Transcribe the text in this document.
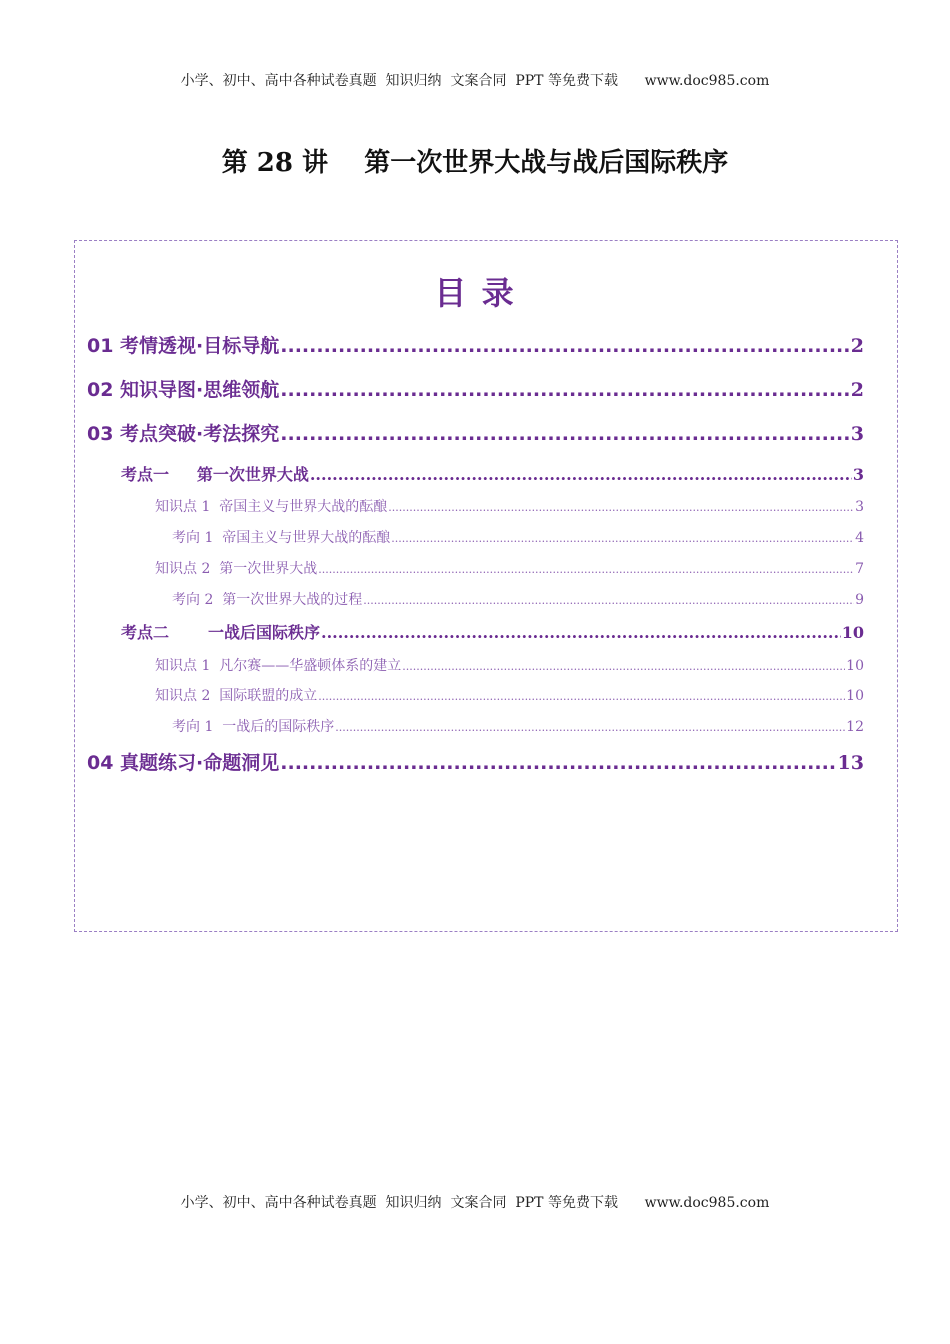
小学、初中、高中各种试卷真题  知识归纳  文案合同  PPT 等免费下载      www.doc985.com
第 28 讲    第一次世界大战与战后国际秩序
目 录
01 考情透视·目标导航 .....	2
02 知识导图·思维领航 .....	2
03 考点突破·考法探究 .....	3
考点一     第一次世界大战 .....	3
知识点 1  帝国主义与世界大战的酝酿 .....	3
考向 1  帝国主义与世界大战的酝酿 .....	4
知识点 2  第一次世界大战 .....	7
考向 2  第一次世界大战的过程 .....	9
考点二       一战后国际秩序 .....	10
知识点 1  凡尔赛——华盛顿体系的建立 .....	10
知识点 2  国际联盟的成立 .....	10
考向 1  一战后的国际秩序 .....	12
04 真题练习·命题洞见 .....	13
小学、初中、高中各种试卷真题  知识归纳  文案合同  PPT 等免费下载      www.doc985.com
